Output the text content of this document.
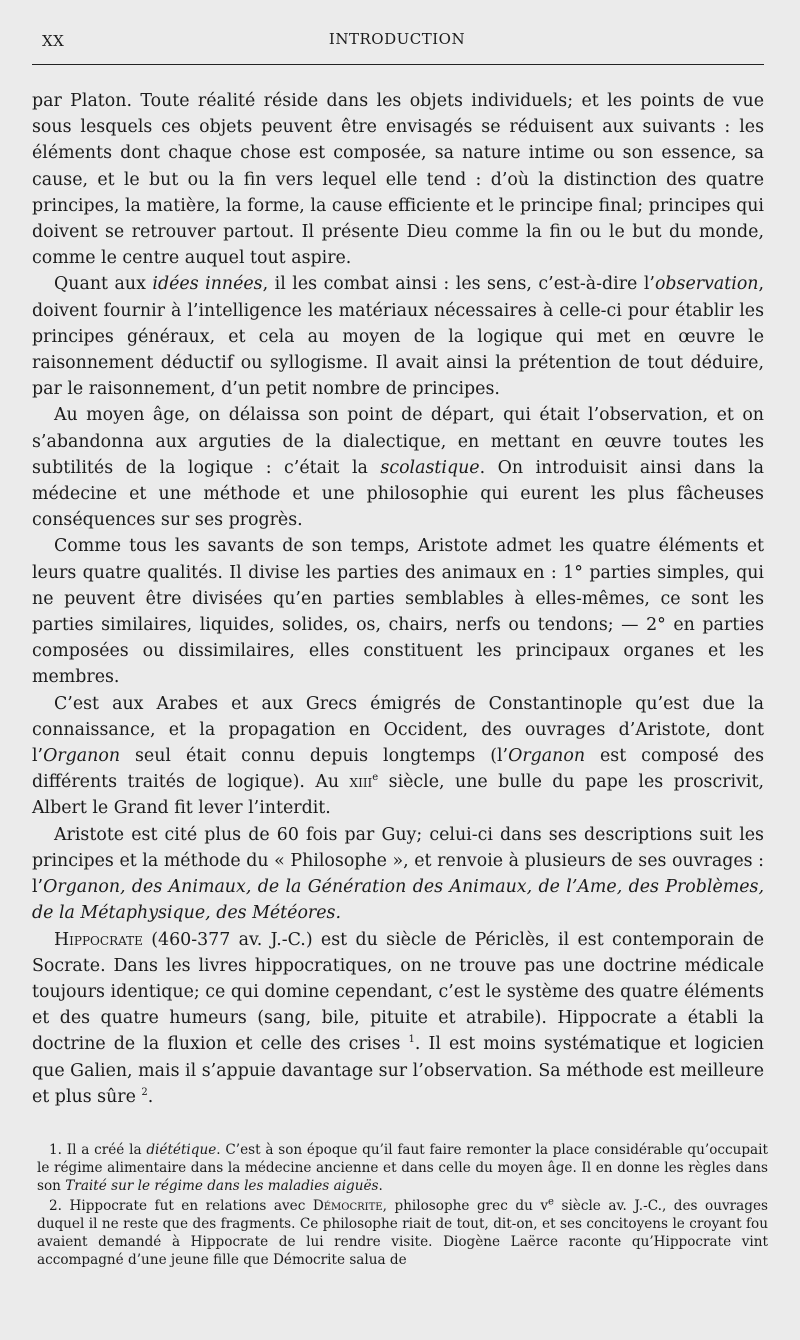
XX	INTRODUCTION

par Platon. Toute réalité réside dans les objets individuels; et les points de vue sous lesquels ces objets peuvent être envisagés se réduisent aux suivants : les éléments dont chaque chose est composée, sa nature intime ou son essence, sa cause, et le but ou la fin vers lequel elle tend : d’où la distinction des quatre principes, la matière, la forme, la cause efficiente et le principe final; principes qui doivent se retrouver partout. Il présente Dieu comme la fin ou le but du monde, comme le centre auquel tout aspire.

Quant aux idées innées, il les combat ainsi : les sens, c’est-à-dire l’observation, doivent fournir à l’intelligence les matériaux nécessaires à celle-ci pour établir les principes généraux, et cela au moyen de la logique qui met en œuvre le raisonnement déductif ou syllogisme. Il avait ainsi la prétention de tout déduire, par le raisonnement, d’un petit nombre de principes.

Au moyen âge, on délaissa son point de départ, qui était l’observation, et on s’abandonna aux arguties de la dialectique, en mettant en œuvre toutes les subtilités de la logique : c’était la scolastique. On introduisit ainsi dans la médecine et une méthode et une philosophie qui eurent les plus fâcheuses conséquences sur ses progrès.

Comme tous les savants de son temps, Aristote admet les quatre éléments et leurs quatre qualités. Il divise les parties des animaux en : 1° parties simples, qui ne peuvent être divisées qu’en parties semblables à elles-mêmes, ce sont les parties similaires, liquides, solides, os, chairs, nerfs ou tendons; — 2° en parties composées ou dissimilaires, elles constituent les principaux organes et les membres.

C’est aux Arabes et aux Grecs émigrés de Constantinople qu’est due la connaissance, et la propagation en Occident, des ouvrages d’Aristote, dont l’Organon seul était connu depuis longtemps (l’Organon est composé des différents traités de logique). Au xiii$^e$ siècle, une bulle du pape les proscrivit, Albert le Grand fit lever l’interdit.

Aristote est cité plus de 60 fois par Guy; celui-ci dans ses descriptions suit les principes et la méthode du « Philosophe », et renvoie à plusieurs de ses ouvrages : l’Organon, des Animaux, de la Génération des Animaux, de l’Ame, des Problèmes, de la Métaphysique, des Météores.

Hippocrate (460-377 av. J.-C.) est du siècle de Périclès, il est contemporain de Socrate. Dans les livres hippocratiques, on ne trouve pas une doctrine médicale toujours identique; ce qui domine cependant, c’est le système des quatre éléments et des quatre humeurs (sang, bile, pituite et atrabile). Hippocrate a établi la doctrine de la fluxion et celle des crises $^1$. Il est moins systématique et logicien que Galien, mais il s’appuie davantage sur l’observation. Sa méthode est meilleure et plus sûre $^2$.

1. Il a créé la diététique. C’est à son époque qu’il faut faire remonter la place considérable qu’occupait le régime alimentaire dans la médecine ancienne et dans celle du moyen âge. Il en donne les règles dans son Traité sur le régime dans les maladies aiguës.

2. Hippocrate fut en relations avec Démocrite, philosophe grec du $v^e$ siècle av. J.-C., des ouvrages duquel il ne reste que des fragments. Ce philosophe riait de tout, dit-on, et ses concitoyens le croyant fou avaient demandé à Hippocrate de lui rendre visite. Diogène Laërce raconte qu’Hippocrate vint accompagné d’une jeune fille que Démocrite salua de
